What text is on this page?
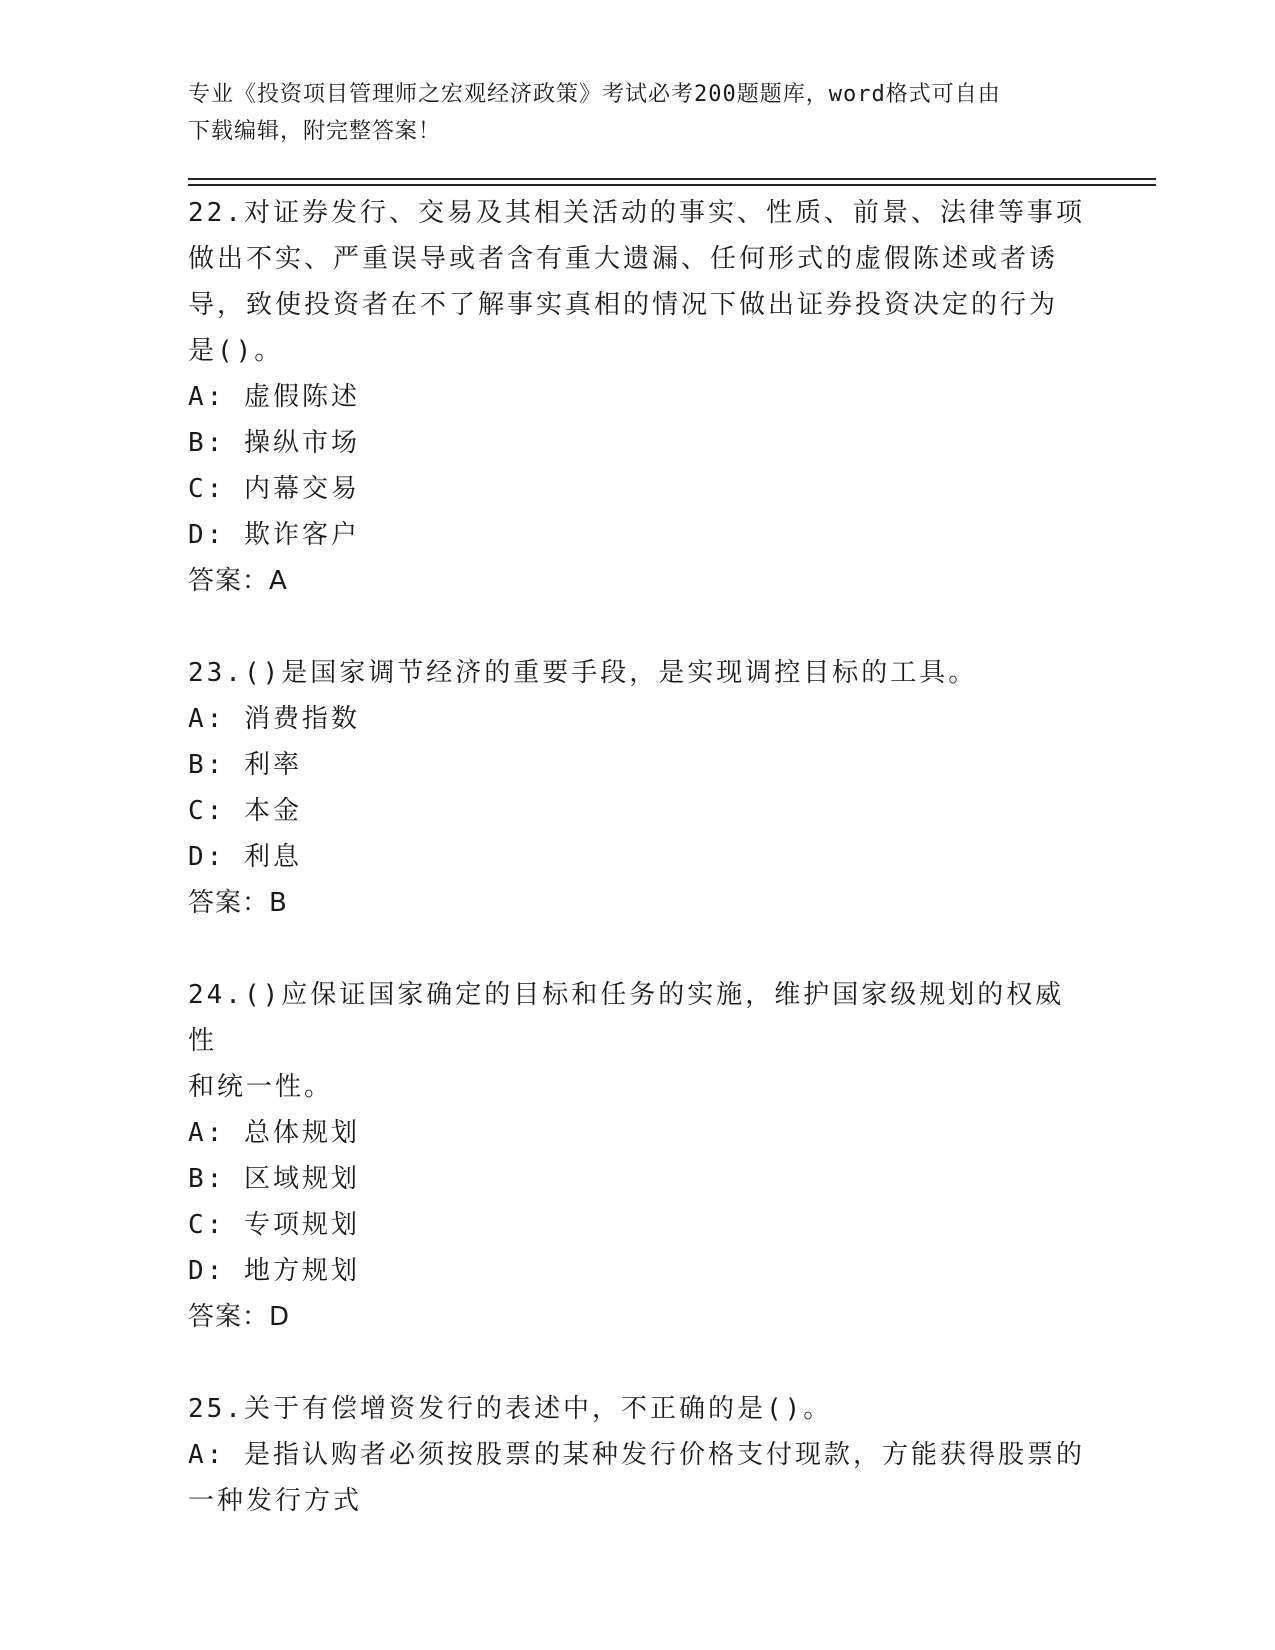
专业《投资项目管理师之宏观经济政策》考试必考200题题库，word格式可自由
下载编辑，附完整答案！

22.对证券发行、交易及其相关活动的事实、性质、前景、法律等事项

做出不实、严重误导或者含有重大遗漏、任何形式的虚假陈述或者诱

导，致使投资者在不了解事实真相的情况下做出证券投资决定的行为

是()。

A: 虚假陈述

B: 操纵市场

C: 内幕交易

D: 欺诈客户

答案：A

23.()是国家调节经济的重要手段，是实现调控目标的工具。

A: 消费指数

B: 利率

C: 本金

D: 利息

答案：B

24.()应保证国家确定的目标和任务的实施，维护国家级规划的权威性

和统一性。

A: 总体规划

B: 区域规划

C: 专项规划

D: 地方规划

答案：D

25.关于有偿增资发行的表述中，不正确的是()。

A: 是指认购者必须按股票的某种发行价格支付现款，方能获得股票的

一种发行方式
